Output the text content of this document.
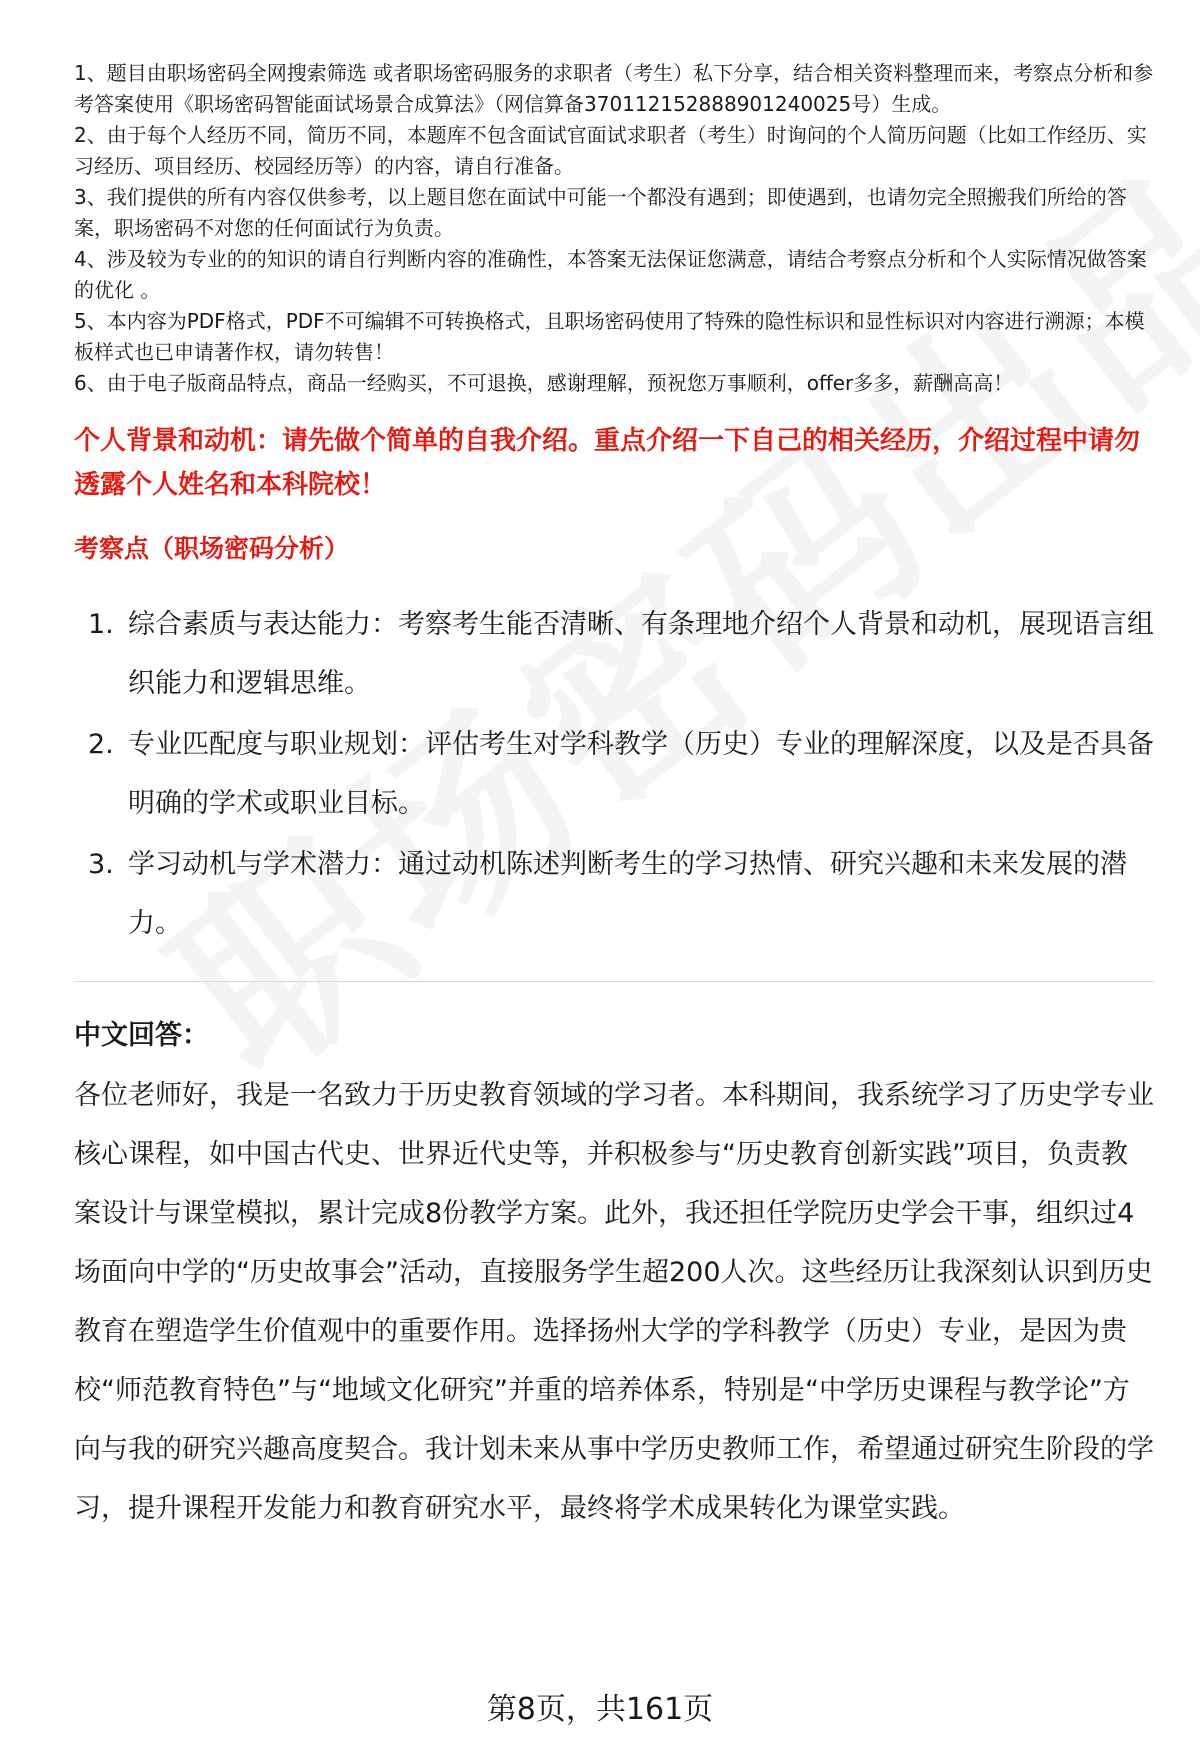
1、题目由职场密码全网搜索筛选 或者职场密码服务的求职者（考生）私下分享，结合相关资料整理而来，考察点分析和参考答案使用《职场密码智能面试场景合成算法》（网信算备370112152888901240025号）生成。

2、由于每个人经历不同，简历不同，本题库不包含面试官面试求职者（考生）时询问的个人简历问题（比如工作经历、实习经历、项目经历、校园经历等）的内容，请自行准备。

3、我们提供的所有内容仅供参考，以上题目您在面试中可能一个都没有遇到；即使遇到，也请勿完全照搬我们所给的答案，职场密码不对您的任何面试行为负责。

4、涉及较为专业的的知识的请自行判断内容的准确性，本答案无法保证您满意，请结合考察点分析和个人实际情况做答案的优化 。

5、本内容为PDF格式，PDF不可编辑不可转换格式，且职场密码使用了特殊的隐性标识和显性标识对内容进行溯源；本模板样式也已申请著作权，请勿转售！

6、由于电子版商品特点，商品一经购买，不可退换，感谢理解，预祝您万事顺利，offer多多，薪酬高高！

个人背景和动机：请先做个简单的自我介绍。重点介绍一下自己的相关经历，介绍过程中请勿透露个人姓名和本科院校！
考察点（职场密码分析）
1. 综合素质与表达能力：考察考生能否清晰、有条理地介绍个人背景和动机，展现语言组织能力和逻辑思维。
2. 专业匹配度与职业规划：评估考生对学科教学（历史）专业的理解深度，以及是否具备明确的学术或职业目标。
3. 学习动机与学术潜力：通过动机陈述判断考生的学习热情、研究兴趣和未来发展的潜力。
中文回答：
各位老师好，我是一名致力于历史教育领域的学习者。本科期间，我系统学习了历史学专业核心课程，如中国古代史、世界近代史等，并积极参与“历史教育创新实践”项目，负责教案设计与课堂模拟，累计完成8份教学方案。此外，我还担任学院历史学会干事，组织过4场面向中学的“历史故事会”活动，直接服务学生超200人次。这些经历让我深刻认识到历史教育在塑造学生价值观中的重要作用。选择扬州大学的学科教学（历史）专业，是因为贵校“师范教育特色”与“地域文化研究”并重的培养体系，特别是“中学历史课程与教学论”方向与我的研究兴趣高度契合。我计划未来从事中学历史教师工作，希望通过研究生阶段的学习，提升课程开发能力和教育研究水平，最终将学术成果转化为课堂实践。
第8页，共161页
